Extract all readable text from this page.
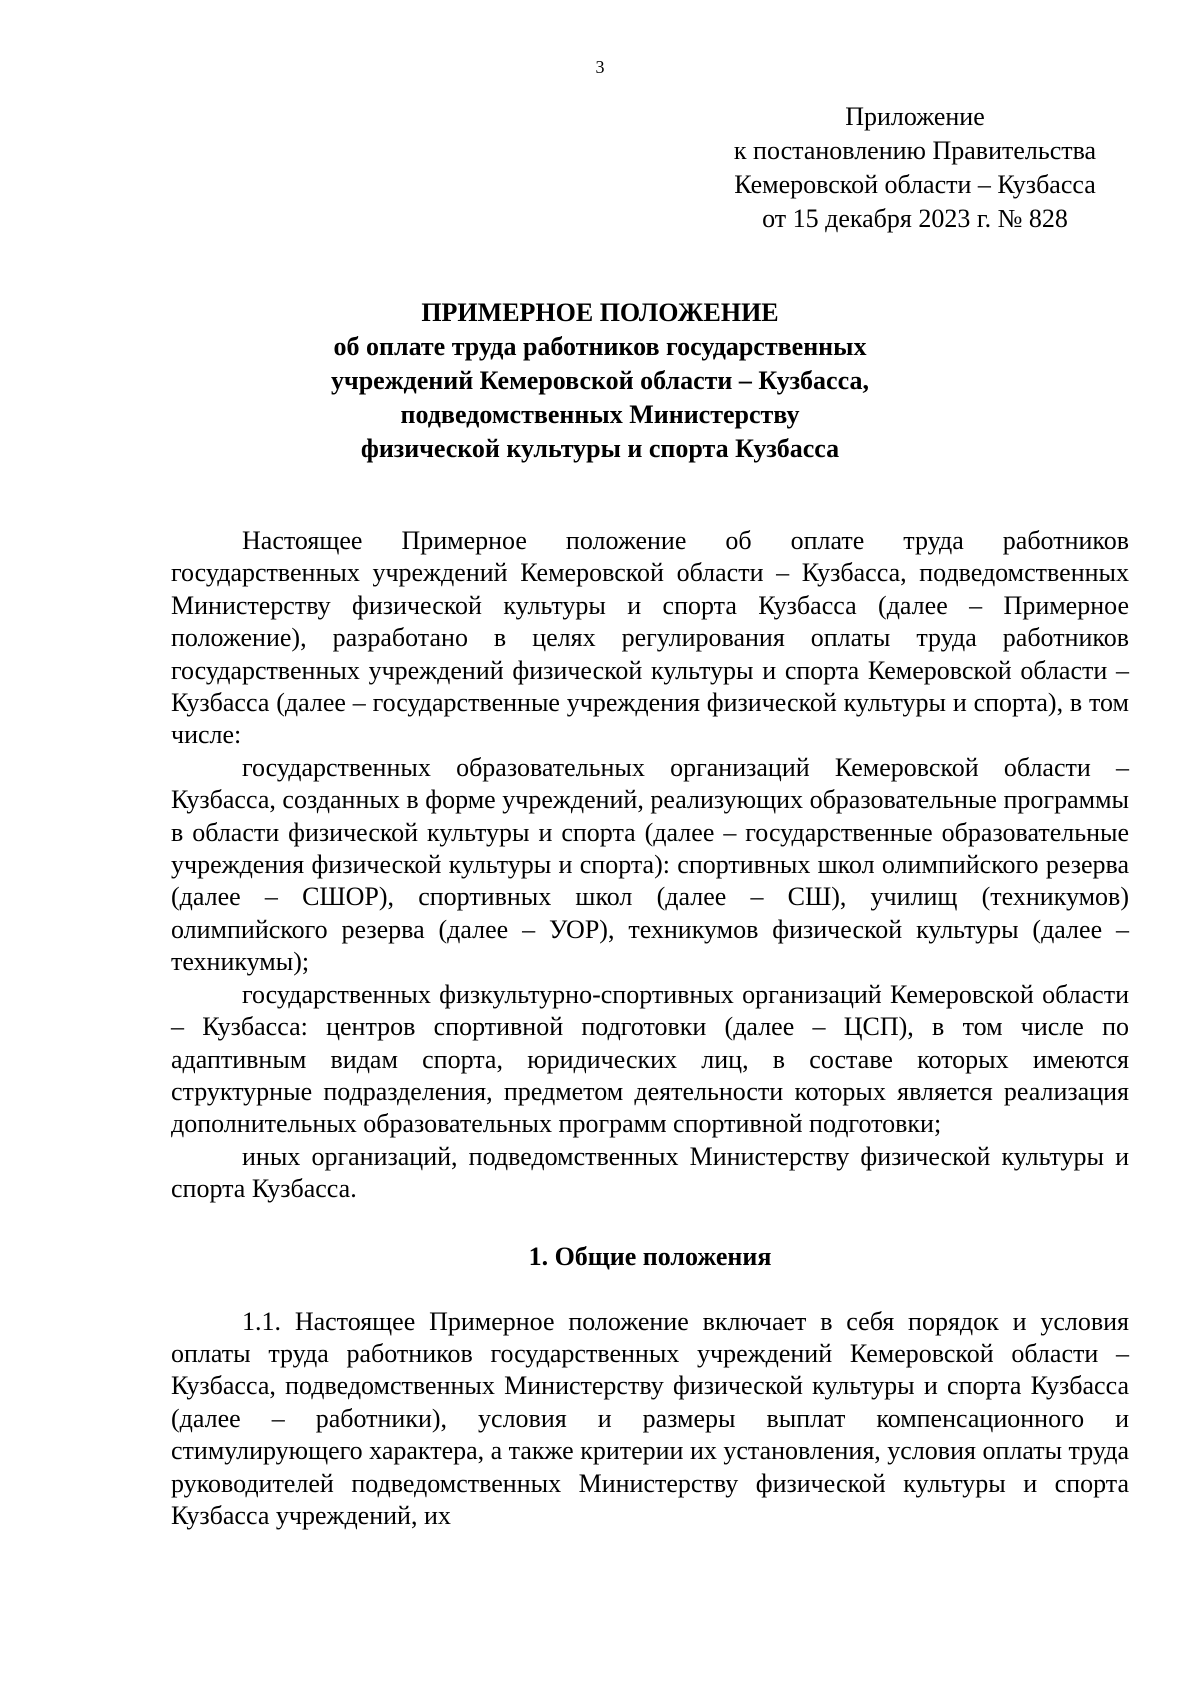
3
Приложение
к постановлению Правительства
Кемеровской области – Кузбасса
от 15 декабря 2023 г. № 828
ПРИМЕРНОЕ ПОЛОЖЕНИЕ
об оплате труда работников государственных
учреждений Кемеровской области – Кузбасса,
подведомственных Министерству
физической культуры и спорта Кузбасса

Настоящее Примерное положение об оплате труда работников государственных учреждений Кемеровской области – Кузбасса, подведомственных Министерству физической культуры и спорта Кузбасса (далее – Примерное положение), разработано в целях регулирования оплаты труда работников государственных учреждений физической культуры и спорта Кемеровской области – Кузбасса (далее – государственные учреждения физической культуры и спорта), в том числе:

государственных образовательных организаций Кемеровской области – Кузбасса, созданных в форме учреждений, реализующих образовательные программы в области физической культуры и спорта (далее – государственные образовательные учреждения физической культуры и спорта): спортивных школ олимпийского резерва (далее – СШОР), спортивных школ (далее – СШ), училищ (техникумов) олимпийского резерва (далее – УОР), техникумов физической культуры (далее – техникумы);

государственных физкультурно-спортивных организаций Кемеровской области – Кузбасса: центров спортивной подготовки (далее – ЦСП), в том числе по адаптивным видам спорта, юридических лиц, в составе которых имеются структурные подразделения, предметом деятельности которых является реализация дополнительных образовательных программ спортивной подготовки;

иных организаций, подведомственных Министерству физической культуры и спорта Кузбасса.

1. Общие положения

1.1. Настоящее Примерное положение включает в себя порядок и условия оплаты труда работников государственных учреждений Кемеровской области – Кузбасса, подведомственных Министерству физической культуры и спорта Кузбасса (далее – работники), условия и размеры выплат компенсационного и стимулирующего характера, а также критерии их установления, условия оплаты труда руководителей подведомственных Министерству физической культуры и спорта Кузбасса учреждений, их
